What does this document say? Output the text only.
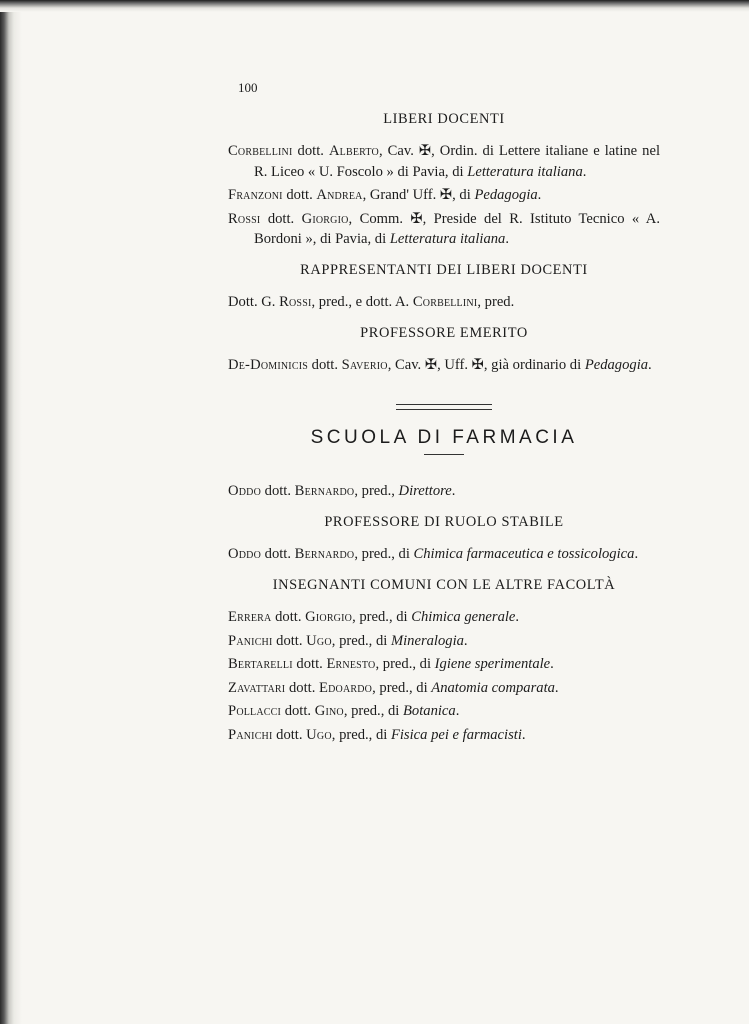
100
LIBERI DOCENTI
Corbellini dott. Alberto, Cav. ✠, Ordin. di Lettere italiane e latine nel R. Liceo « U. Foscolo » di Pavia, di Letteratura italiana.
Franzoni dott. Andrea, Grand' Uff. ✠, di Pedagogia.
Rossi dott. Giorgio, Comm. ✠, Preside del R. Istituto Tecnico « A. Bordoni », di Pavia, di Letteratura italiana.
RAPPRESENTANTI DEI LIBERI DOCENTI
Dott. G. Rossi, pred., e dott. A. Corbellini, pred.
PROFESSORE EMERITO
De-Dominicis dott. Saverio, Cav. ✠, Uff. ✠, già ordinario di Pedagogia.
SCUOLA DI FARMACIA
Oddo dott. Bernardo, pred., Direttore.
PROFESSORE DI RUOLO STABILE
Oddo dott. Bernardo, pred., di Chimica farmaceutica e tossicologica.
INSEGNANTI COMUNI CON LE ALTRE FACOLTÀ
Errera dott. Giorgio, pred., di Chimica generale.
Panichi dott. Ugo, pred., di Mineralogia.
Bertarelli dott. Ernesto, pred., di Igiene sperimentale.
Zavattari dott. Edoardo, pred., di Anatomia comparata.
Pollacci dott. Gino, pred., di Botanica.
Panichi dott. Ugo, pred., di Fisica pei e farmacisti.
